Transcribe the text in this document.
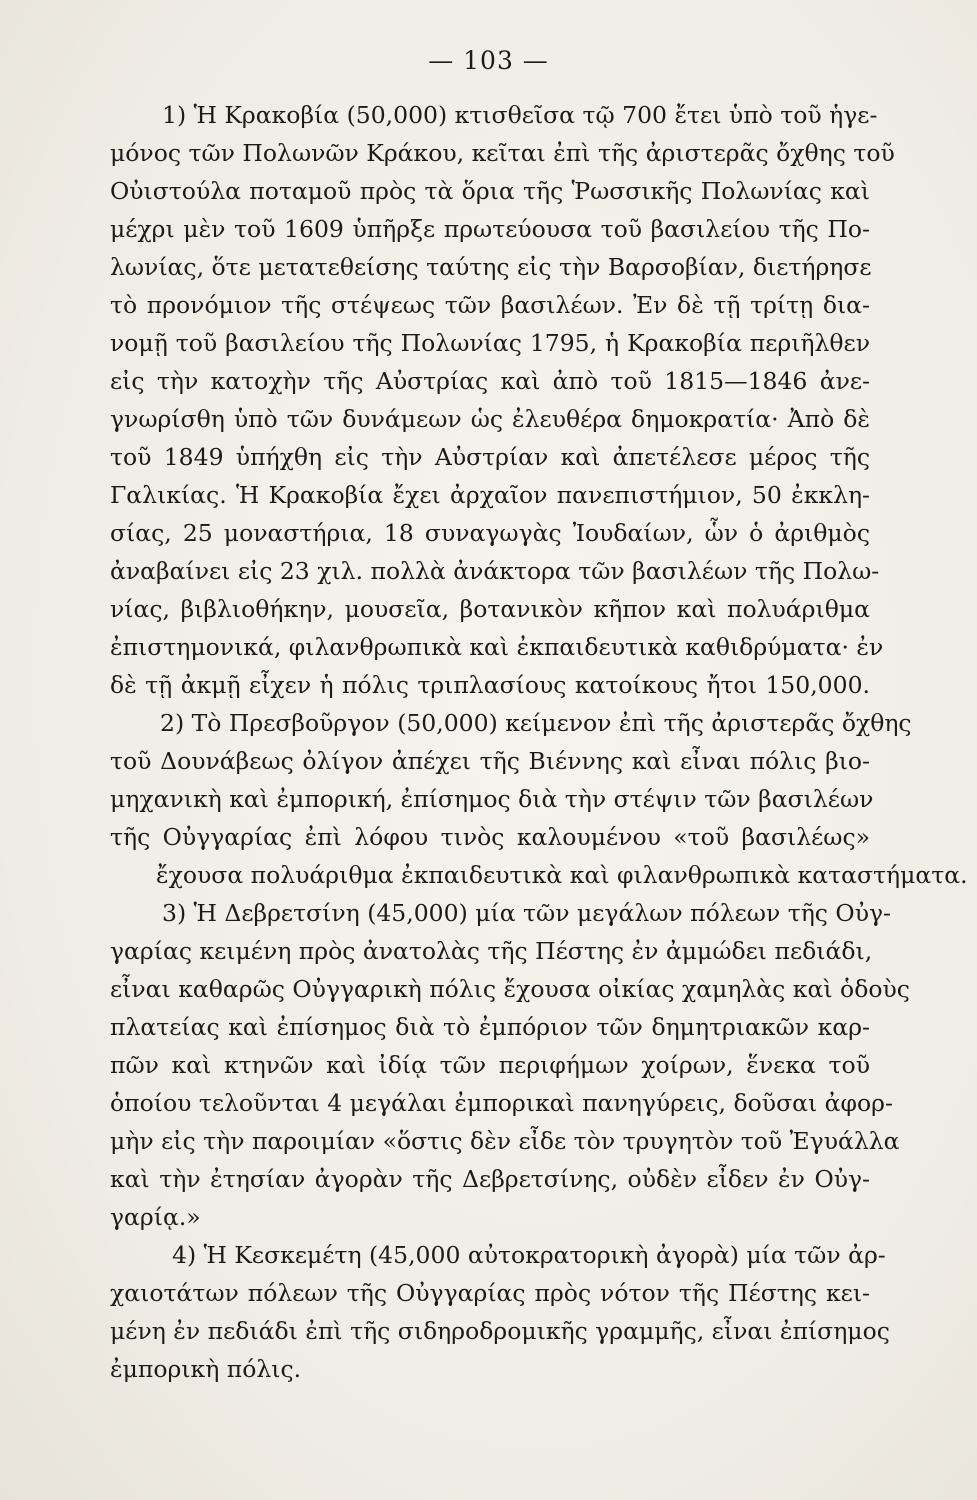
— 103 —
1) Ἡ Κρακοβία (50,000) κτισθεῖσα τῷ 700 ἔτει ὑπὸ τοῦ ἡγε-
μόνος τῶν Πολωνῶν Κράκου, κεῖται ἐπὶ τῆς ἀριστερᾶς ὄχθης τοῦ
Οὐιστούλα ποταμοῦ πρὸς τὰ ὅρια τῆς Ῥωσσικῆς Πολωνίας καὶ
μέχρι μὲν τοῦ 1609 ὑπῆρξε πρωτεύουσα τοῦ βασιλείου τῆς Πο-
λωνίας, ὅτε μετατεθείσης ταύτης εἰς τὴν Βαρσοβίαν, διετήρησε
τὸ προνόμιον τῆς στέψεως τῶν βασιλέων. Ἐν δὲ τῇ τρίτῃ δια-
νομῇ τοῦ βασιλείου τῆς Πολωνίας 1795, ἡ Κρακοβία περιῆλθεν
εἰς τὴν κατοχὴν τῆς Αὐστρίας καὶ ἀπὸ τοῦ 1815—1846 ἀνε-
γνωρίσθη ὑπὸ τῶν δυνάμεων ὡς ἐλευθέρα δημοκρατία· Ἀπὸ δὲ
τοῦ 1849 ὑπήχθη εἰς τὴν Αὐστρίαν καὶ ἀπετέλεσε μέρος τῆς
Γαλικίας. Ἡ Κρακοβία ἔχει ἀρχαῖον πανεπιστήμιον, 50 ἐκκλη-
σίας, 25 μοναστήρια, 18 συναγωγὰς Ἰουδαίων, ὧν ὁ ἀριθμὸς
ἀναβαίνει εἰς 23 χιλ. πολλὰ ἀνάκτορα τῶν βασιλέων τῆς Πολω-
νίας, βιβλιοθήκην, μουσεῖα, βοτανικὸν κῆπον καὶ πολυάριθμα
ἐπιστημονικά, φιλανθρωπικὰ καὶ ἐκπαιδευτικὰ καθιδρύματα· ἐν
δὲ τῇ ἀκμῇ εἶχεν ἡ πόλις τριπλασίους κατοίκους ἤτοι 150,000.
2) Τὸ Πρεσβοῦργον (50,000) κείμενον ἐπὶ τῆς ἀριστερᾶς ὄχθης
τοῦ Δουνάβεως ὀλίγον ἀπέχει τῆς Βιέννης καὶ εἶναι πόλις βιο-
μηχανικὴ καὶ ἐμπορική, ἐπίσημος διὰ τὴν στέψιν τῶν βασιλέων
τῆς Οὐγγαρίας ἐπὶ λόφου τινὸς καλουμένου «τοῦ βασιλέως»
ἔχουσα πολυάριθμα ἐκπαιδευτικὰ καὶ φιλανθρωπικὰ καταστήματα.
3) Ἡ Δεβρετσίνη (45,000) μία τῶν μεγάλων πόλεων τῆς Οὐγ-
γαρίας κειμένη πρὸς ἀνατολὰς τῆς Πέστης ἐν ἀμμώδει πεδιάδι,
εἶναι καθαρῶς Οὐγγαρικὴ πόλις ἔχουσα οἰκίας χαμηλὰς καὶ ὁδοὺς
πλατείας καὶ ἐπίσημος διὰ τὸ ἐμπόριον τῶν δημητριακῶν καρ-
πῶν καὶ κτηνῶν καὶ ἰδίᾳ τῶν περιφήμων χοίρων, ἕνεκα τοῦ
ὁποίου τελοῦνται 4 μεγάλαι ἐμπορικαὶ πανηγύρεις, δοῦσαι ἀφορ-
μὴν εἰς τὴν παροιμίαν «ὅστις δὲν εἶδε τὸν τρυγητὸν τοῦ Ἐγυάλλα
καὶ τὴν ἐτησίαν ἀγορὰν τῆς Δεβρετσίνης, οὐδὲν εἶδεν ἐν Οὐγ-
γαρίᾳ.»
4) Ἡ Κεσκεμέτη (45,000 αὐτοκρατορικὴ ἀγορὰ) μία τῶν ἀρ-
χαιοτάτων πόλεων τῆς Οὐγγαρίας πρὸς νότον τῆς Πέστης κει-
μένη ἐν πεδιάδι ἐπὶ τῆς σιδηροδρομικῆς γραμμῆς, εἶναι ἐπίσημος
ἐμπορικὴ πόλις.
